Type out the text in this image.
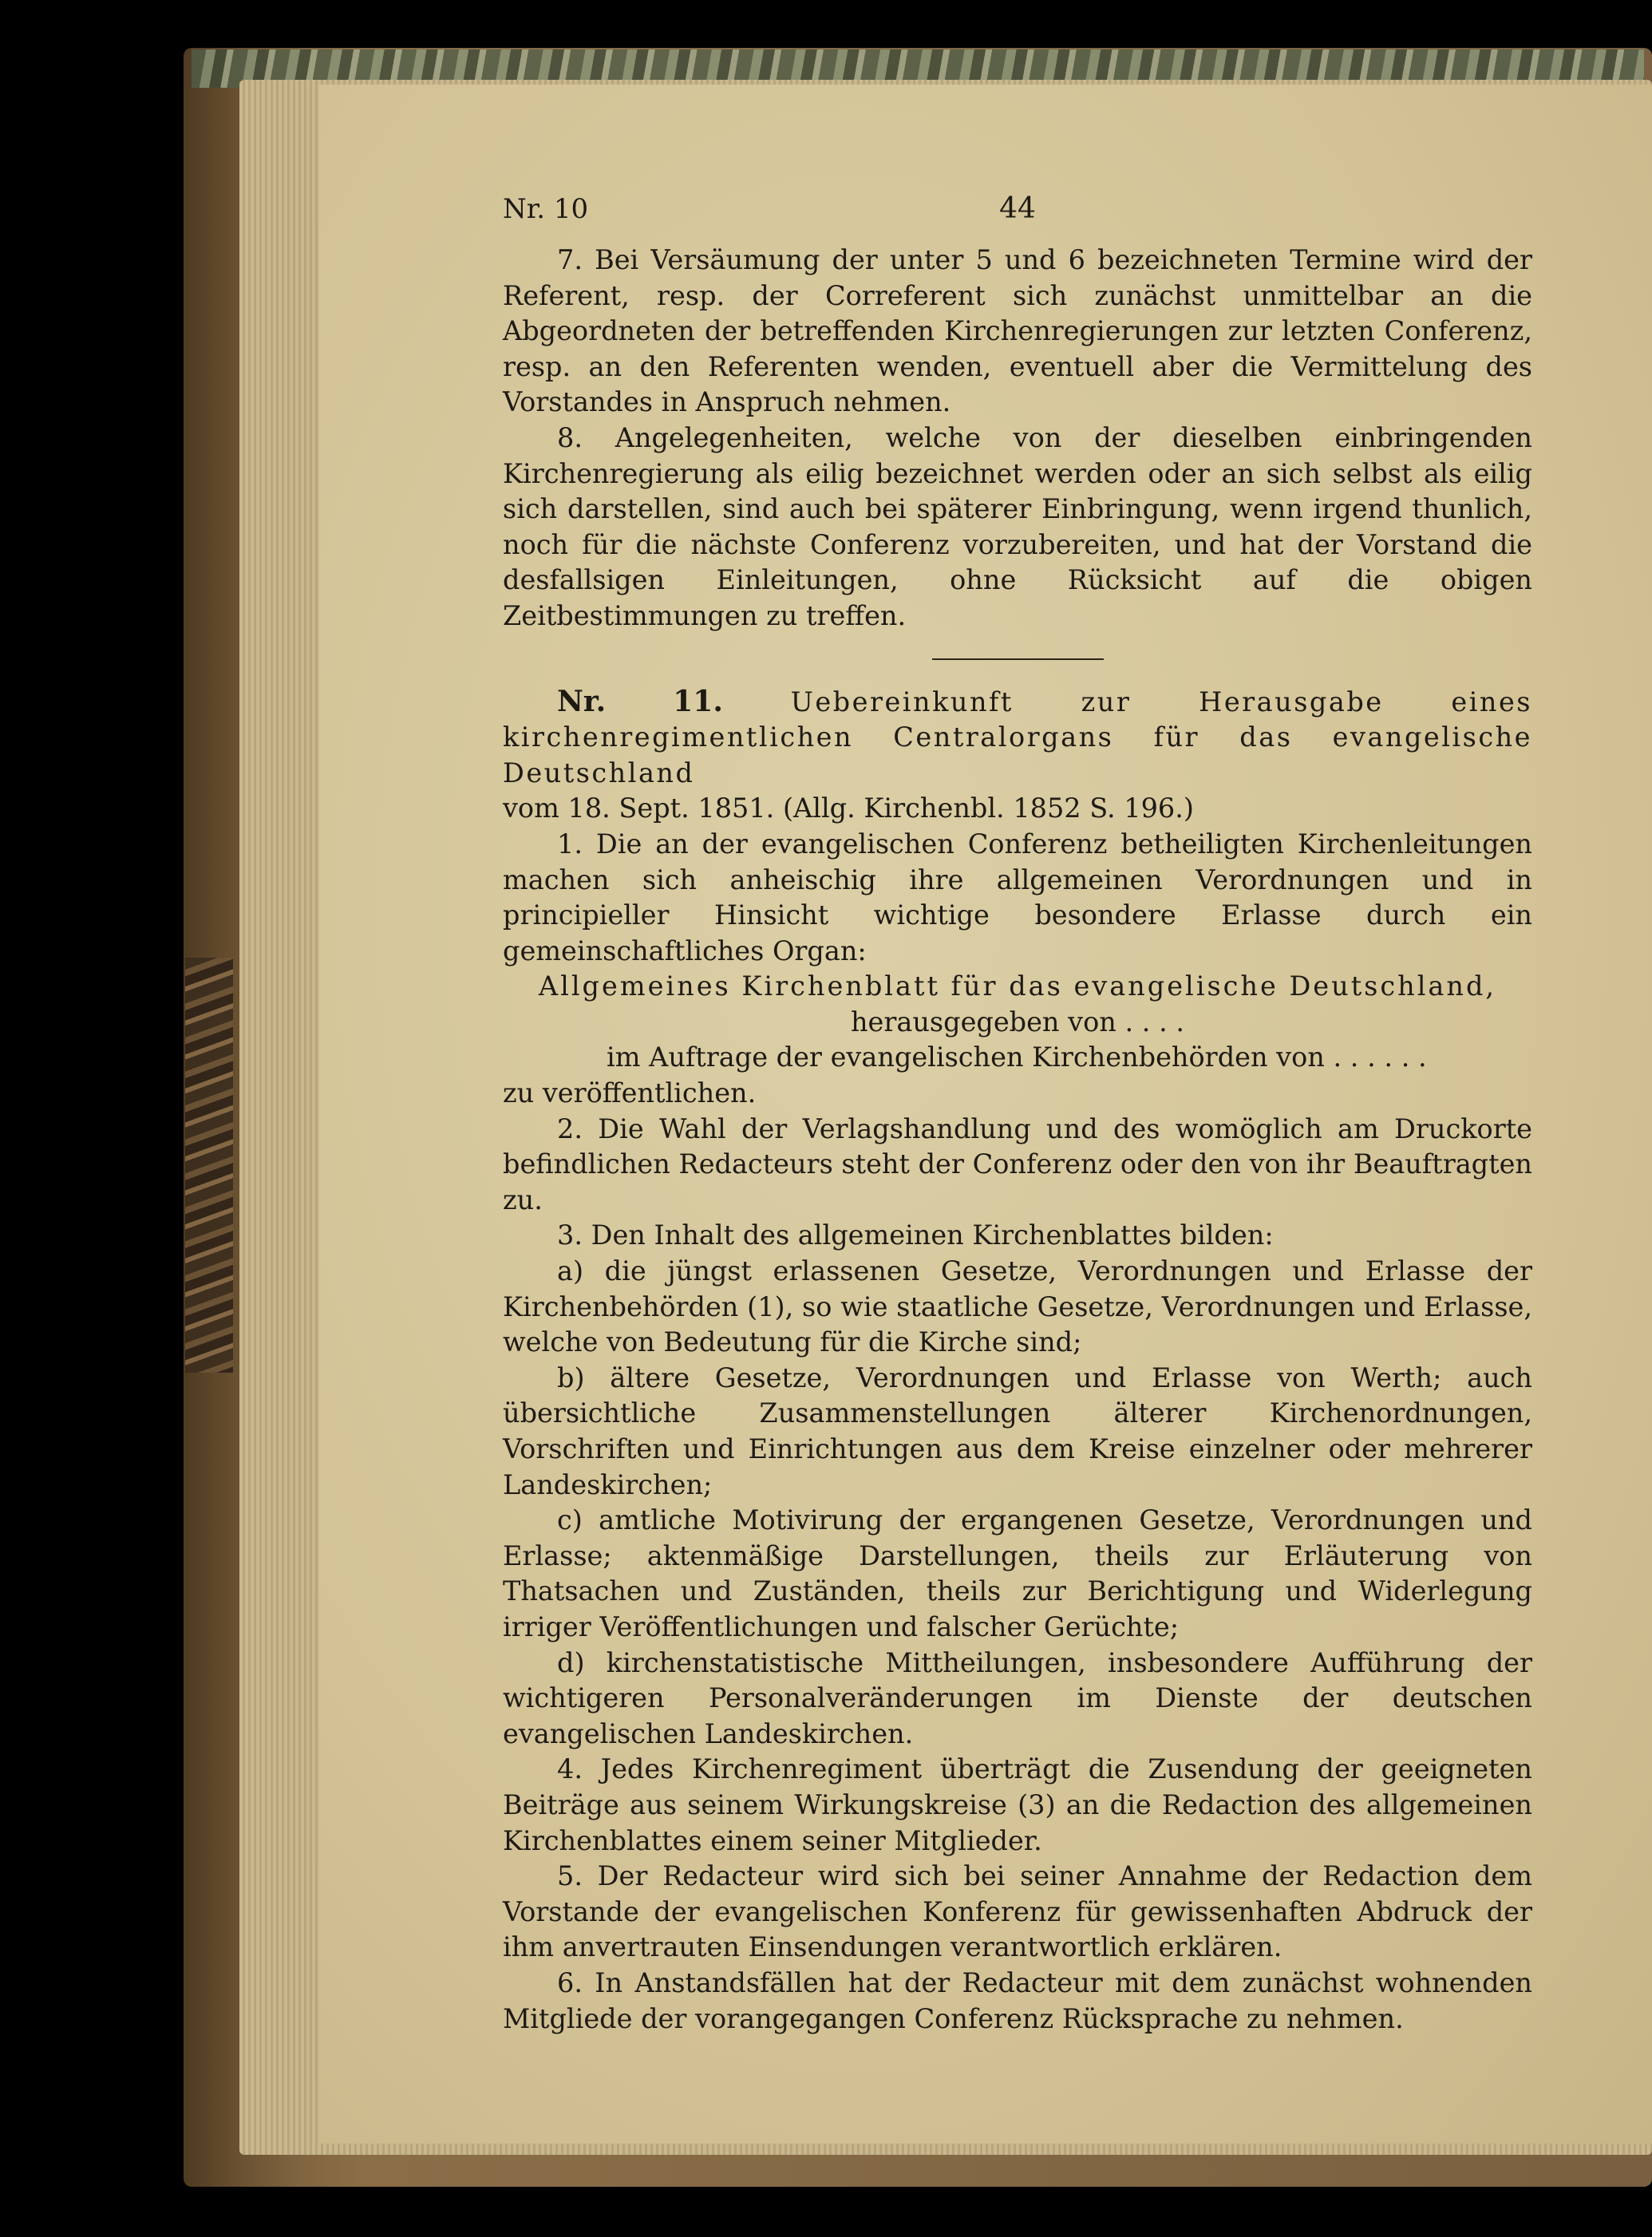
Nr. 10	44

7. Bei Versäumung der unter 5 und 6 bezeichneten Termine wird der Referent, resp. der Correferent sich zunächst unmittelbar an die Abgeordneten der betreffenden Kirchenregierungen zur letzten Conferenz, resp. an den Referenten wenden, eventuell aber die Vermittelung des Vorstandes in Anspruch nehmen.

8. Angelegenheiten, welche von der dieselben einbringenden Kirchenregierung als eilig bezeichnet werden oder an sich selbst als eilig sich darstellen, sind auch bei späterer Einbringung, wenn irgend thunlich, noch für die nächste Conferenz vorzubereiten, und hat der Vorstand die desfallsigen Einleitungen, ohne Rücksicht auf die obigen Zeitbestimmungen zu treffen.

Nr. 11.	Uebereinkunft zur Herausgabe eines kirchenregimentlichen Centralorgans für das evangelische Deutschland

vom 18. Sept. 1851. (Allg. Kirchenbl. 1852 S. 196.)

1. Die an der evangelischen Conferenz betheiligten Kirchenleitungen machen sich anheischig ihre allgemeinen Verordnungen und in principieller Hinsicht wichtige besondere Erlasse durch ein gemeinschaftliches Organ:

Allgemeines Kirchenblatt für das evangelische Deutschland,

herausgegeben von . . . .

im Auftrage der evangelischen Kirchenbehörden von . . . . . .

zu veröffentlichen.

2. Die Wahl der Verlagshandlung und des womöglich am Druckorte befindlichen Redacteurs steht der Conferenz oder den von ihr Beauftragten zu.

3. Den Inhalt des allgemeinen Kirchenblattes bilden:

a) die jüngst erlassenen Gesetze, Verordnungen und Erlasse der Kirchenbehörden (1), so wie staatliche Gesetze, Verordnungen und Erlasse, welche von Bedeutung für die Kirche sind;

b) ältere Gesetze, Verordnungen und Erlasse von Werth; auch übersichtliche Zusammenstellungen älterer Kirchenordnungen, Vorschriften und Einrichtungen aus dem Kreise einzelner oder mehrerer Landeskirchen;

c) amtliche Motivirung der ergangenen Gesetze, Verordnungen und Erlasse; aktenmäßige Darstellungen, theils zur Erläuterung von Thatsachen und Zuständen, theils zur Berichtigung und Widerlegung irriger Veröffentlichungen und falscher Gerüchte;

d) kirchenstatistische Mittheilungen, insbesondere Aufführung der wichtigeren Personalveränderungen im Dienste der deutschen evangelischen Landeskirchen.

4. Jedes Kirchenregiment überträgt die Zusendung der geeigneten Beiträge aus seinem Wirkungskreise (3) an die Redaction des allgemeinen Kirchenblattes einem seiner Mitglieder.

5. Der Redacteur wird sich bei seiner Annahme der Redaction dem Vorstande der evangelischen Konferenz für gewissenhaften Abdruck der ihm anvertrauten Einsendungen verantwortlich erklären.

6. In Anstandsfällen hat der Redacteur mit dem zunächst wohnenden Mitgliede der vorangegangen Conferenz Rücksprache zu nehmen.
